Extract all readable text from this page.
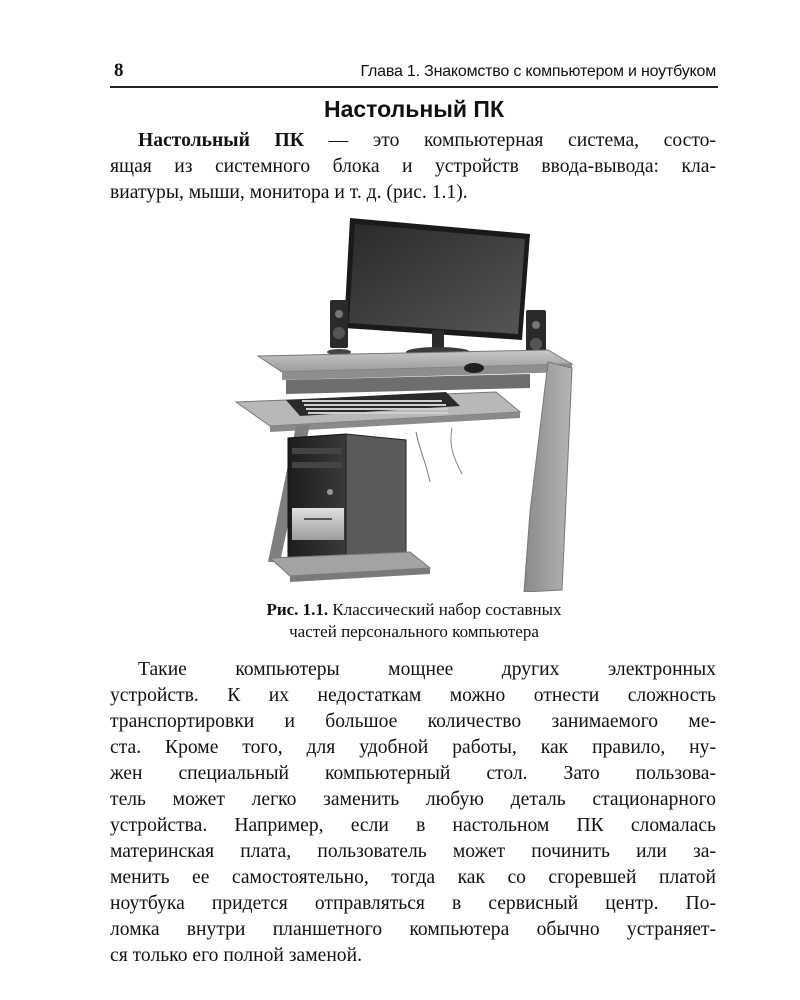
8	Глава 1. Знакомство с компьютером и ноутбуком
Настольный ПК

Настольный ПК — это компьютерная система, состо-
ящая из системного блока и устройств ввода-вывода: кла-
виатуры, мыши, монитора и т. д. (рис. 1.1).

Рис. 1.1. Классический набор составных
частей персонального компьютера

Такие компьютеры мощнее других электронных
устройств. К их недостаткам можно отнести сложность
транспортировки и большое количество занимаемого ме-
ста. Кроме того, для удобной работы, как правило, ну-
жен специальный компьютерный стол. Зато пользова-
тель может легко заменить любую деталь стационарного
устройства. Например, если в настольном ПК сломалась
материнская плата, пользователь может починить или за-
менить ее самостоятельно, тогда как со сгоревшей платой
ноутбука придется отправляться в сервисный центр. По-
ломка внутри планшетного компьютера обычно устраняет-
ся только его полной заменой.
